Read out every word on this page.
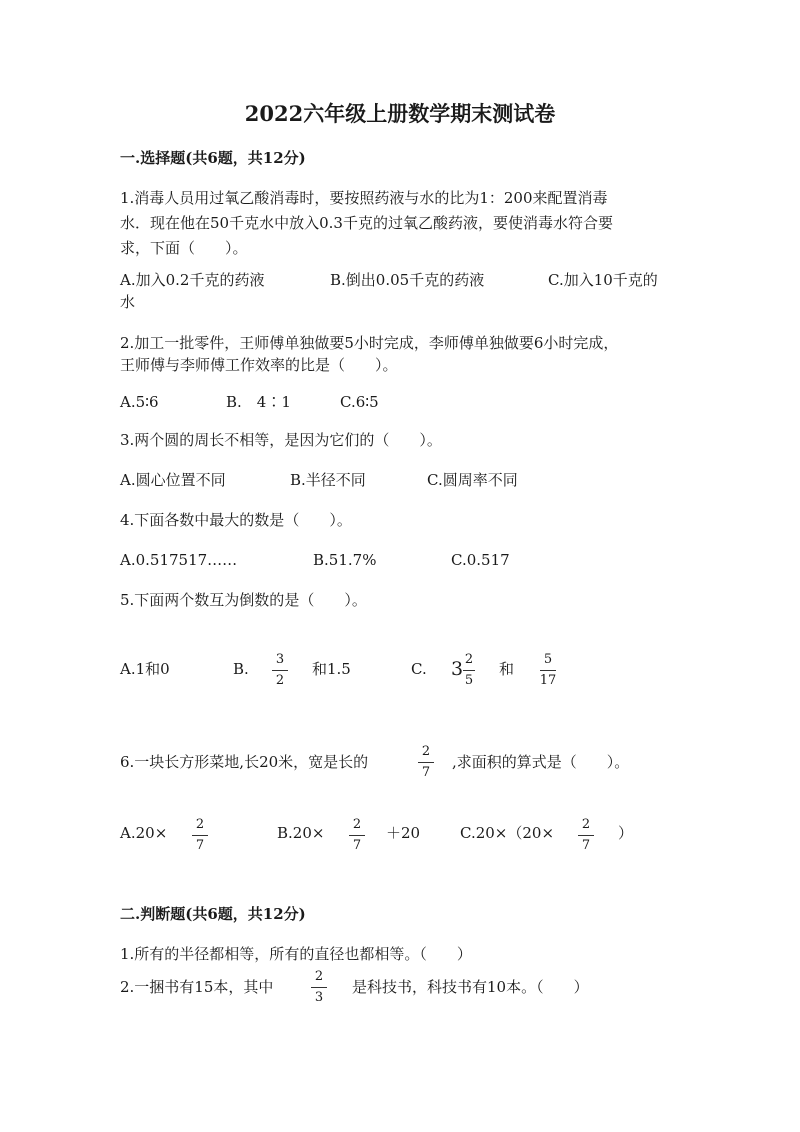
2022六年级上册数学期末测试卷
一.选择题(共6题，共12分)
1.消毒人员用过氧乙酸消毒时，要按照药液与水的比为1：200来配置消毒
水．现在他在50千克水中放入0.3千克的过氧乙酸药液，要使消毒水符合要
求，下面（　　）。
A.加入0.2千克的药液	B.倒出0.05千克的药液	C.加入10千克的
水
2.加工一批零件，王师傅单独做要5小时完成，李师傅单独做要6小时完成，
王师傅与李师傅工作效率的比是（　　）。
A.5∶6	B.　4∶1	C.6∶5
3.两个圆的周长不相等，是因为它们的（　　）。
A.圆心位置不同	B.半径不同	C.圆周率不同
4.下面各数中最大的数是（　　）。
A.0.517517……	B.51.7%	C.0.517
5.下面两个数互为倒数的是（　　）。
A.1和0	B.
3
2
和1.5	C. 3 2
5
和
5
17
6.一块长方形菜地,长20米，宽是长的
2
7
,求面积的算式是（　　）。
A.20×	2
7
B.20×	2
7
＋20	C.20×（20×	2
7
）
二.判断题(共6题，共12分)
1.所有的半径都相等，所有的直径也都相等。（　　）
2.一捆书有15本，其中
2
3
是科技书，科技书有10本。（　　）
